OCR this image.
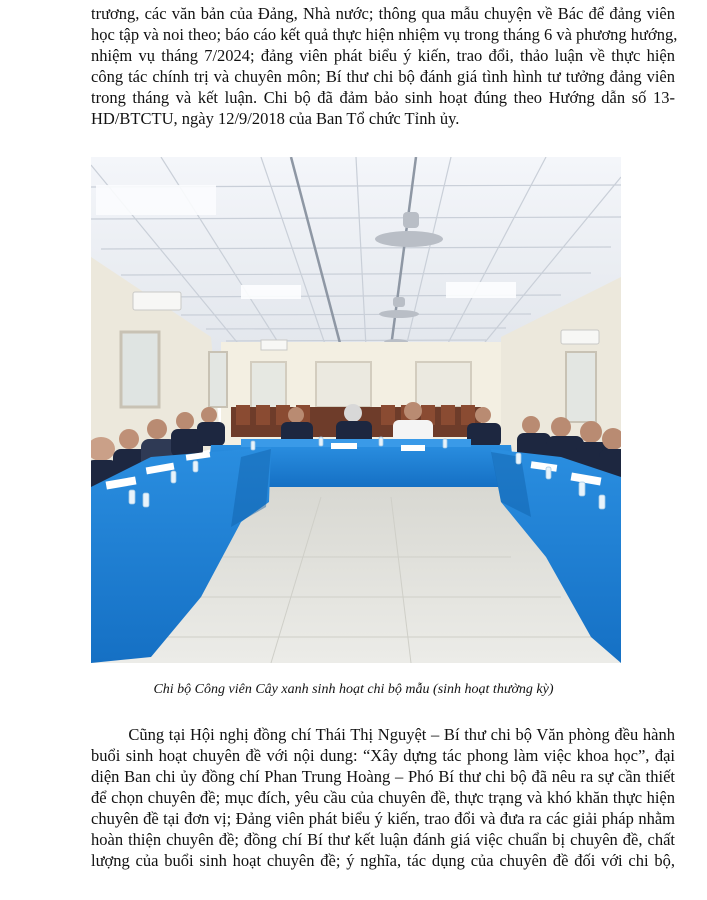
trương, các văn bản của Đảng, Nhà nước; thông qua mẫu chuyện về Bác để đảng viên
học tập và noi theo; báo cáo kết quả thực hiện nhiệm vụ trong tháng 6 và phương hướng,
nhiệm vụ tháng 7/2024; đảng viên phát biểu ý kiến, trao đổi, thảo luận về thực hiện
công tác chính trị và chuyên môn; Bí thư chi bộ đánh giá tình hình tư tưởng đảng viên
trong tháng và kết luận. Chi bộ đã đảm bảo sinh hoạt đúng theo Hướng dẫn số 13-
HD/BTCTU, ngày 12/9/2018 của Ban Tổ chức Tỉnh ủy.
Chi bộ Công viên Cây xanh sinh hoạt chi bộ mẫu (sinh hoạt thường kỳ)
Cũng tại Hội nghị đồng chí Thái Thị Nguyệt – Bí thư chi bộ Văn phòng đều hành
buổi sinh hoạt chuyên đề với nội dung: “Xây dựng tác phong làm việc khoa học”, đại
diện Ban chi ủy đồng chí Phan Trung Hoàng – Phó Bí thư chi bộ đã nêu ra sự cần thiết
để chọn chuyên đề; mục đích, yêu cầu của chuyên đề, thực trạng và khó khăn thực hiện
chuyên đề tại đơn vị; Đảng viên phát biểu ý kiến, trao đổi và đưa ra các giải pháp nhằm
hoàn thiện chuyên đề; đồng chí Bí thư kết luận đánh giá việc chuẩn bị chuyên đề, chất
lượng của buổi sinh hoạt chuyên đề; ý nghĩa, tác dụng của chuyên đề đối với chi bộ,
